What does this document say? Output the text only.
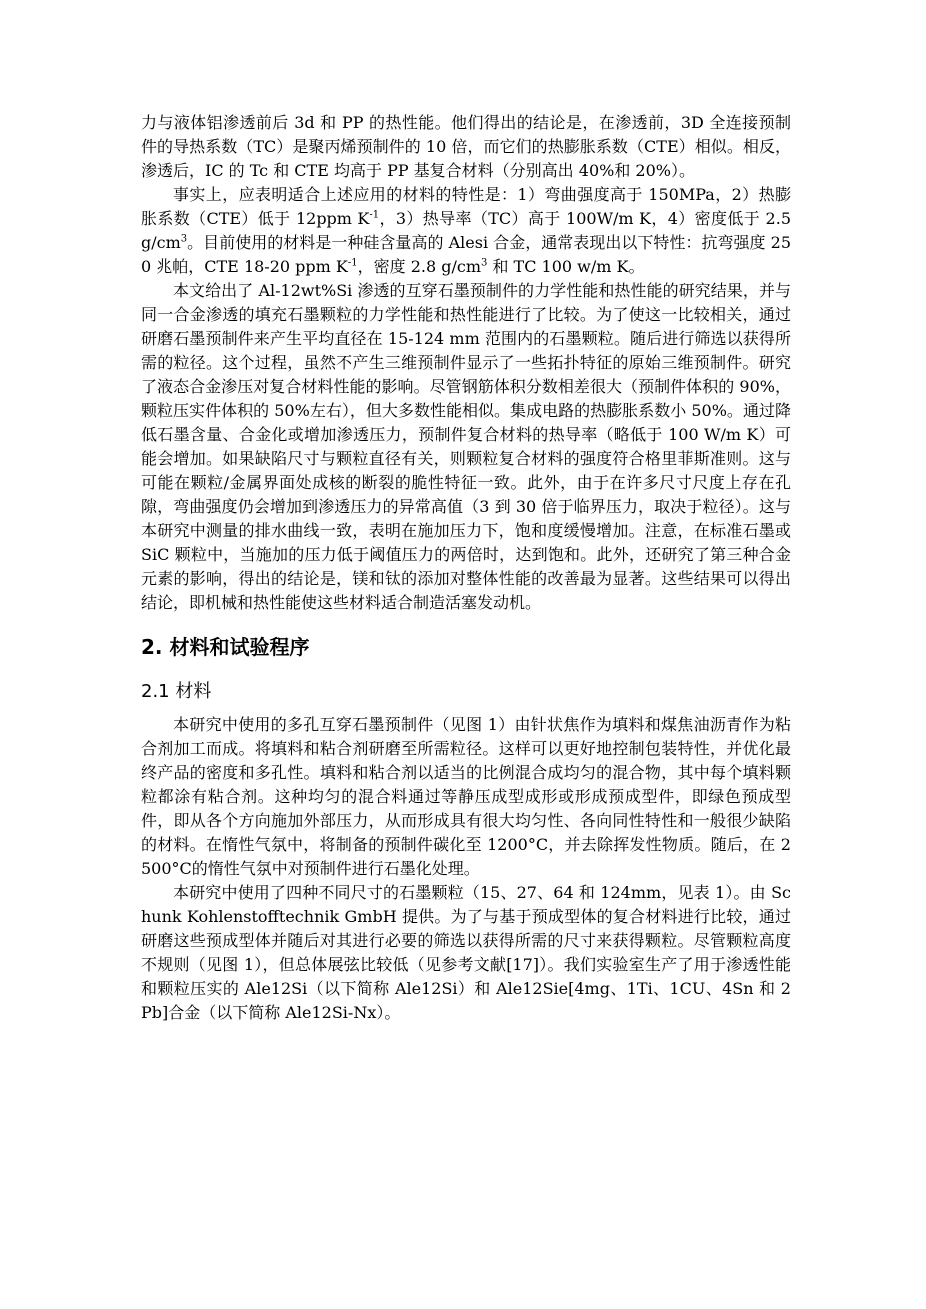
力与液体铝渗透前后 3d 和 PP 的热性能。他们得出的结论是，在渗透前，3D 全连接预制件的导热系数（TC）是聚丙烯预制件的 10 倍，而它们的热膨胀系数（CTE）相似。相反，渗透后，IC 的 Tc 和 CTE 均高于 PP 基复合材料（分别高出 40%和 20%）。

事实上，应表明适合上述应用的材料的特性是：1）弯曲强度高于 150MPa，2）热膨胀系数（CTE）低于 12ppm $K^{-1}$，3）热导率（TC）高于 100W/m K，4）密度低于 $2.5g/cm^3$。目前使用的材料是一种硅含量高的 Alesi 合金，通常表现出以下特性：抗弯强度 250 兆帕，CTE 18-20 ppm $K^{-1}$，密度 2.8 $g/cm^3$ 和 TC 100 w/m K。

本文给出了 Al-12wt%Si 渗透的互穿石墨预制件的力学性能和热性能的研究结果，并与同一合金渗透的填充石墨颗粒的力学性能和热性能进行了比较。为了使这一比较相关，通过研磨石墨预制件来产生平均直径在 15-124 mm 范围内的石墨颗粒。随后进行筛选以获得所需的粒径。这个过程，虽然不产生三维预制件显示了一些拓扑特征的原始三维预制件。研究了液态合金渗压对复合材料性能的影响。尽管钢筋体积分数相差很大（预制件体积的 90%，颗粒压实件体积的 50%左右），但大多数性能相似。集成电路的热膨胀系数小 50%。通过降低石墨含量、合金化或增加渗透压力，预制件复合材料的热导率（略低于 100 W/m K）可能会增加。如果缺陷尺寸与颗粒直径有关，则颗粒复合材料的强度符合格里菲斯准则。这与可能在颗粒/金属界面处成核的断裂的脆性特征一致。此外，由于在许多尺寸尺度上存在孔隙，弯曲强度仍会增加到渗透压力的异常高值（3 到 30 倍于临界压力，取决于粒径）。这与本研究中测量的排水曲线一致，表明在施加压力下，饱和度缓慢增加。注意，在标准石墨或 SiC 颗粒中，当施加的压力低于阈值压力的两倍时，达到饱和。此外，还研究了第三种合金元素的影响，得出的结论是，镁和钛的添加对整体性能的改善最为显著。这些结果可以得出结论，即机械和热性能使这些材料适合制造活塞发动机。

2. 材料和试验程序
2.1 材料

本研究中使用的多孔互穿石墨预制件（见图 1）由针状焦作为填料和煤焦油沥青作为粘合剂加工而成。将填料和粘合剂研磨至所需粒径。这样可以更好地控制包装特性，并优化最终产品的密度和多孔性。填料和粘合剂以适当的比例混合成均匀的混合物，其中每个填料颗粒都涂有粘合剂。这种均匀的混合料通过等静压成型成形或形成预成型件，即绿色预成型件，即从各个方向施加外部压力，从而形成具有很大均匀性、各向同性特性和一般很少缺陷的材料。在惰性气氛中，将制备的预制件碳化至 1200°C，并去除挥发性物质。随后，在 2500°C的惰性气氛中对预制件进行石墨化处理。

本研究中使用了四种不同尺寸的石墨颗粒（15、27、64 和 124mm，见表 1）。由 Schunk Kohlenstofftechnik GmbH 提供。为了与基于预成型体的复合材料进行比较，通过研磨这些预成型体并随后对其进行必要的筛选以获得所需的尺寸来获得颗粒。尽管颗粒高度不规则（见图 1），但总体展弦比较低（见参考文献[17]）。我们实验室生产了用于渗透性能和颗粒压实的 Ale12Si（以下简称 Ale12Si）和 Ale12Sie[4mg、1Ti、1CU、4Sn 和 2Pb]合金（以下简称 Ale12Si-Nx）。
